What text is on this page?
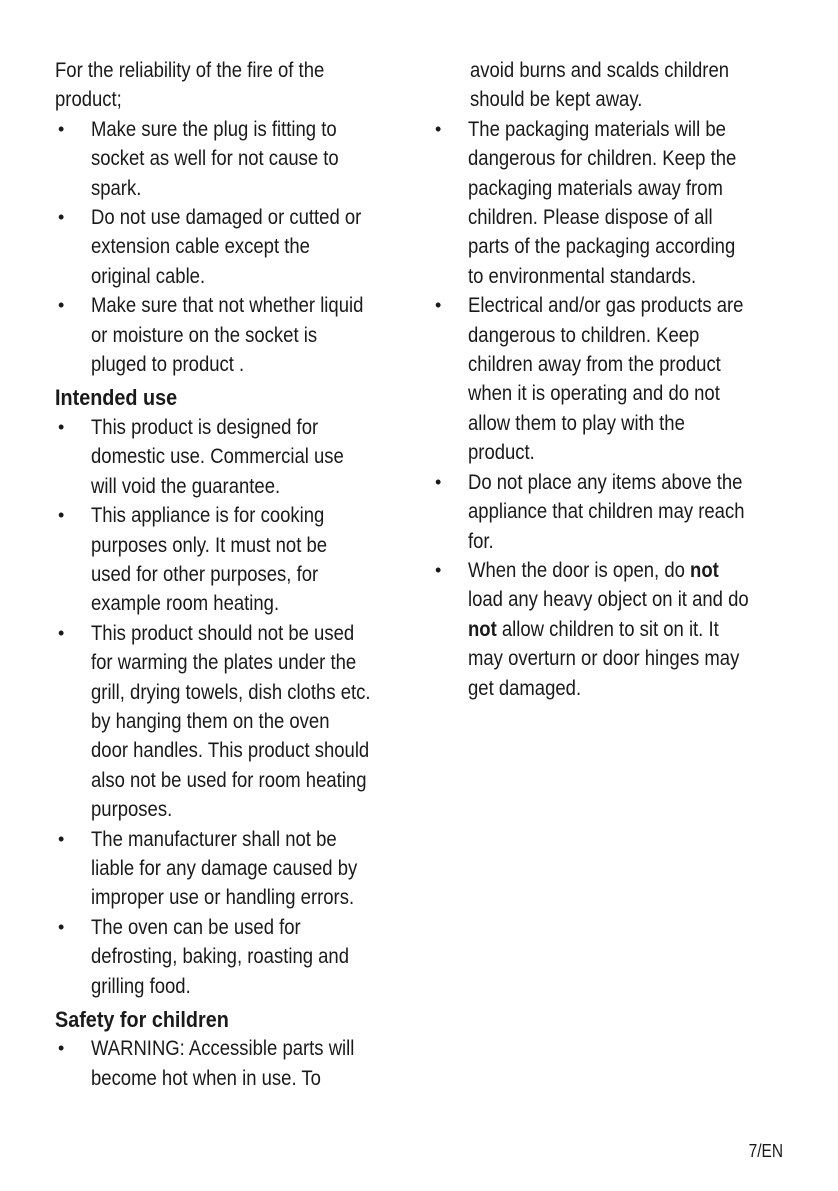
For the reliability of the fire of the
product;
• Make sure the plug is fitting to
socket as well for not cause to
spark.
• Do not use damaged or cutted or
extension cable except the
original cable.
• Make sure that not whether liquid
or moisture on the socket is
pluged to product .
Intended use
• This product is designed for
domestic use. Commercial use
will void the guarantee.
• This appliance is for cooking
purposes only. It must not be
used for other purposes, for
example room heating.
• This product should not be used
for warming the plates under the
grill, drying towels, dish cloths etc.
by hanging them on the oven
door handles. This product should
also not be used for room heating
purposes.
• The manufacturer shall not be
liable for any damage caused by
improper use or handling errors.
• The oven can be used for
defrosting, baking, roasting and
grilling food.
Safety for children
• WARNING: Accessible parts will
become hot when in use. To
avoid burns and scalds children
should be kept away.
• The packaging materials will be
dangerous for children. Keep the
packaging materials away from
children. Please dispose of all
parts of the packaging according
to environmental standards.
• Electrical and/or gas products are
dangerous to children. Keep
children away from the product
when it is operating and do not
allow them to play with the
product.
• Do not place any items above the
appliance that children may reach
for.
• When the door is open, do not
load any heavy object on it and do
not allow children to sit on it. It
may overturn or door hinges may
get damaged.
7/EN
